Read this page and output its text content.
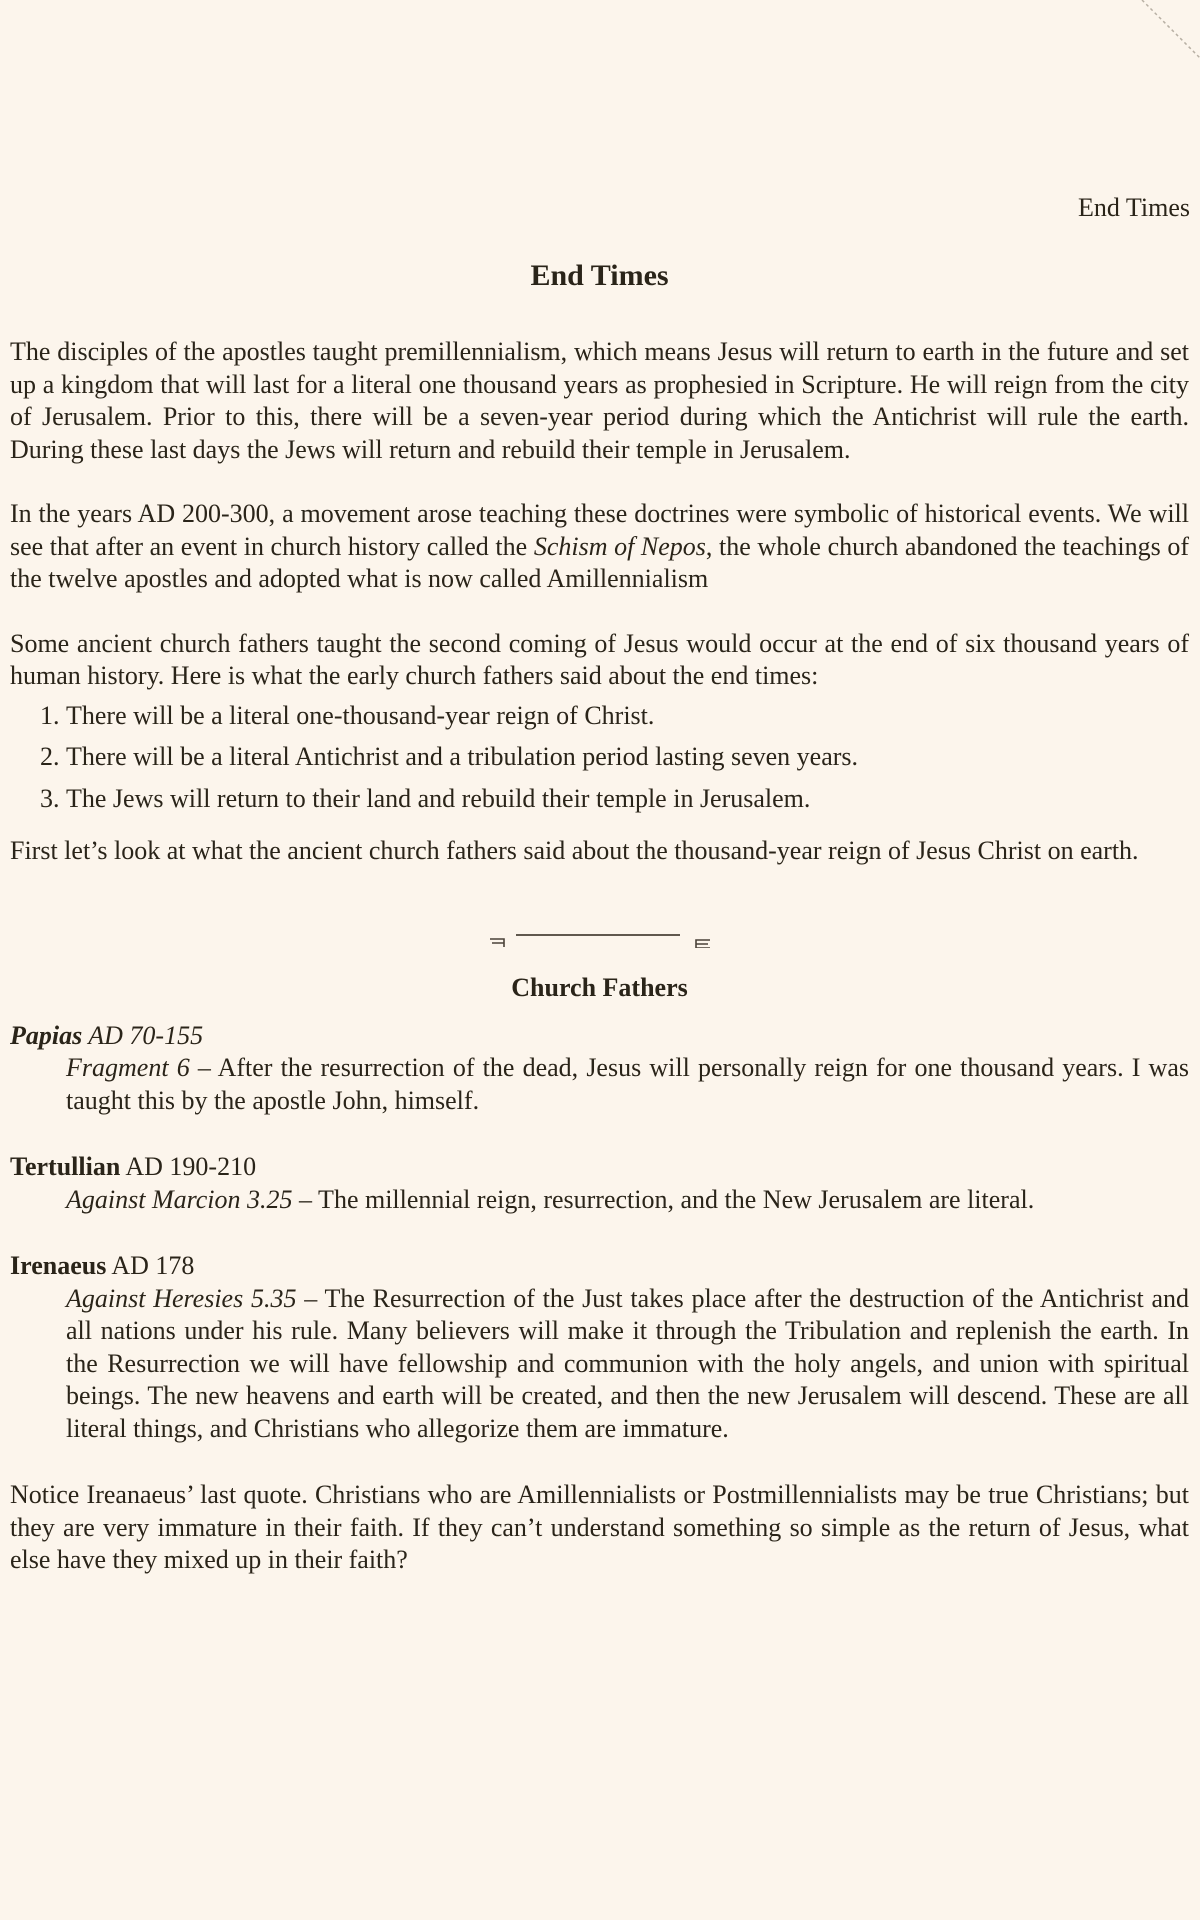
End Times
End Times

The disciples of the apostles taught premillennialism, which means Jesus will return to earth in the future and set up a kingdom that will last for a literal one thousand years as prophesied in Scripture. He will reign from the city of Jerusalem. Prior to this, there will be a seven-year period during which the Antichrist will rule the earth. During these last days the Jews will return and rebuild their temple in Jerusalem.

In the years AD 200-300, a movement arose teaching these doctrines were symbolic of historical events. We will see that after an event in church history called the Schism of Nepos, the whole church abandoned the teachings of the twelve apostles and adopted what is now called Amillennialism

Some ancient church fathers taught the second coming of Jesus would occur at the end of six thousand years of human history. Here is what the early church fathers said about the end times:

1. There will be a literal one-thousand-year reign of Christ.
2. There will be a literal Antichrist and a tribulation period lasting seven years.
3. The Jews will return to their land and rebuild their temple in Jerusalem.

First let’s look at what the ancient church fathers said about the thousand-year reign of Jesus Christ on earth.

Church Fathers
Papias AD 70-155
Fragment 6 – After the resurrection of the dead, Jesus will personally reign for one thousand years. I was taught this by the apostle John, himself.
Tertullian AD 190-210
Against Marcion 3.25 – The millennial reign, resurrection, and the New Jerusalem are literal.
Irenaeus AD 178
Against Heresies 5.35 – The Resurrection of the Just takes place after the destruction of the Antichrist and all nations under his rule. Many believers will make it through the Tribulation and replenish the earth. In the Resurrection we will have fellowship and communion with the holy angels, and union with spiritual beings. The new heavens and earth will be created, and then the new Jerusalem will descend. These are all literal things, and Christians who allegorize them are immature.

Notice Ireanaeus’ last quote. Christians who are Amillennialists or Postmillennialists may be true Christians; but they are very immature in their faith. If they can’t understand something so simple as the return of Jesus, what else have they mixed up in their faith?
